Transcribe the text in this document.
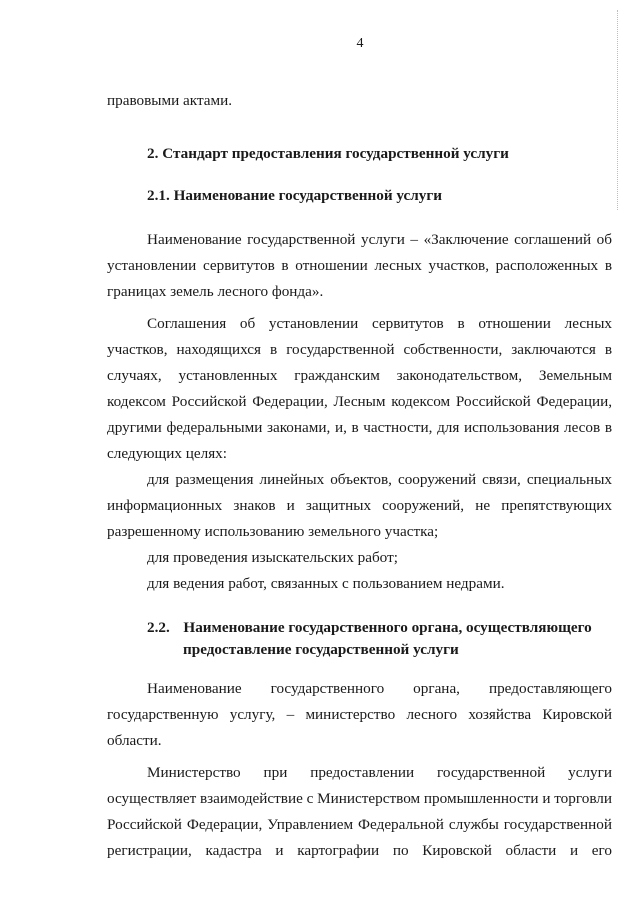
4

правовыми актами.

2. Стандарт предоставления государственной услуги

2.1. Наименование государственной услуги

Наименование государственной услуги – «Заключение соглашений об установлении сервитутов в отношении лесных участков, расположенных в границах земель лесного фонда».

Соглашения об установлении сервитутов в отношении лесных участков, находящихся в государственной собственности, заключаются в случаях, установленных гражданским законодательством, Земельным кодексом Российской Федерации, Лесным кодексом Российской Федерации, другими федеральными законами, и, в частности, для использования лесов в следующих целях:

для размещения линейных объектов, сооружений связи, специальных информационных знаков и защитных сооружений, не препятствующих разрешенному использованию земельного участка;

для проведения изыскательских работ;

для ведения работ, связанных с пользованием недрами.

2.2. Наименование государственного органа, осуществляющего

предоставление государственной услуги

Наименование государственного органа, предоставляющего государственную услугу, – министерство лесного хозяйства Кировской области.

Министерство при предоставлении государственной услуги осуществляет взаимодействие с Министерством промышленности и торговли Российской Федерации, Управлением Федеральной службы государственной регистрации, кадастра и картографии по Кировской области и его
